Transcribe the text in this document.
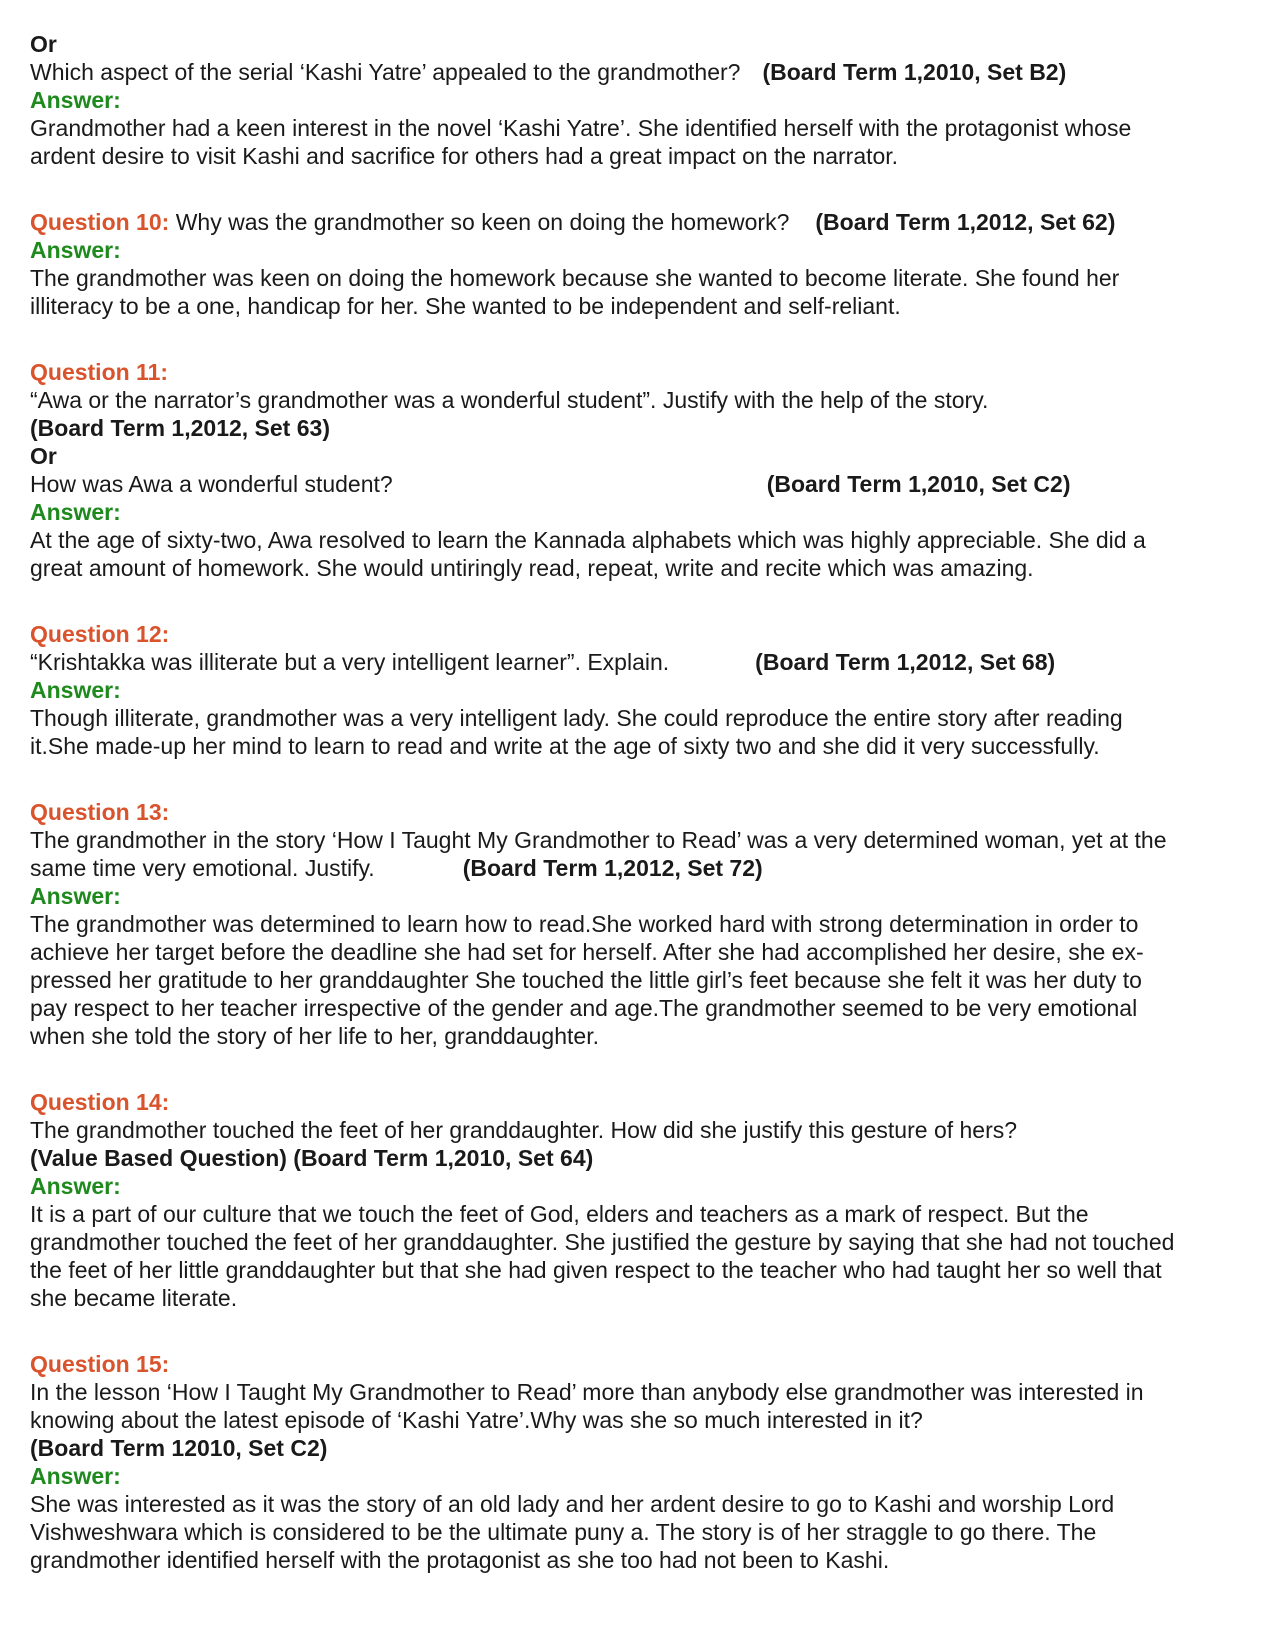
Or
Which aspect of the serial ‘Kashi Yatre’ appealed to the grandmother? (Board Term 1,2010, Set B2)
Answer:
Grandmother had a keen interest in the novel ‘Kashi Yatre’. She identified herself with the protagonist whose
ardent desire to visit Kashi and sacrifice for others had a great impact on the narrator.
Question 10: Why was the grandmother so keen on doing the homework? (Board Term 1,2012, Set 62)
Answer:
The grandmother was keen on doing the homework because she wanted to become literate. She found her
illiteracy to be a one, handicap for her. She wanted to be independent and self-reliant.
Question 11:
“Awa or the narrator’s grandmother was a wonderful student”. Justify with the help of the story.
(Board Term 1,2012, Set 63)
Or
How was Awa a wonderful student?	(Board Term 1,2010, Set C2)
Answer:
At the age of sixty-two, Awa resolved to learn the Kannada alphabets which was highly appreciable. She did a
great amount of homework. She would untiringly read, repeat, write and recite which was amazing.
Question 12:
“Krishtakka was illiterate but a very intelligent learner”. Explain.	(Board Term 1,2012, Set 68)
Answer:
Though illiterate, grandmother was a very intelligent lady. She could reproduce the entire story after reading
it.She made-up her mind to learn to read and write at the age of sixty two and she did it very successfully.
Question 13:
The grandmother in the story ‘How I Taught My Grandmother to Read’ was a very determined woman, yet at the
same time very emotional. Justify.	(Board Term 1,2012, Set 72)
Answer:
The grandmother was determined to learn how to read.She worked hard with strong determination in order to
achieve her target before the deadline she had set for herself. After she had accomplished her desire, she ex-
pressed her gratitude to her granddaughter She touched the little girl’s feet because she felt it was her duty to
pay respect to her teacher irrespective of the gender and age.The grandmother seemed to be very emotional
when she told the story of her life to her, granddaughter.
Question 14:
The grandmother touched the feet of her granddaughter. How did she justify this gesture of hers?
(Value Based Question) (Board Term 1,2010, Set 64)
Answer:
It is a part of our culture that we touch the feet of God, elders and teachers as a mark of respect. But the
grandmother touched the feet of her granddaughter. She justified the gesture by saying that she had not touched
the feet of her little granddaughter but that she had given respect to the teacher who had taught her so well that
she became literate.
Question 15:
In the lesson ‘How I Taught My Grandmother to Read’ more than anybody else grandmother was interested in
knowing about the latest episode of ‘Kashi Yatre’.Why was she so much interested in it?
(Board Term 12010, Set C2)
Answer:
She was interested as it was the story of an old lady and her ardent desire to go to Kashi and worship Lord
Vishweshwara which is considered to be the ultimate puny a. The story is of her straggle to go there. The
grandmother identified herself with the protagonist as she too had not been to Kashi.
